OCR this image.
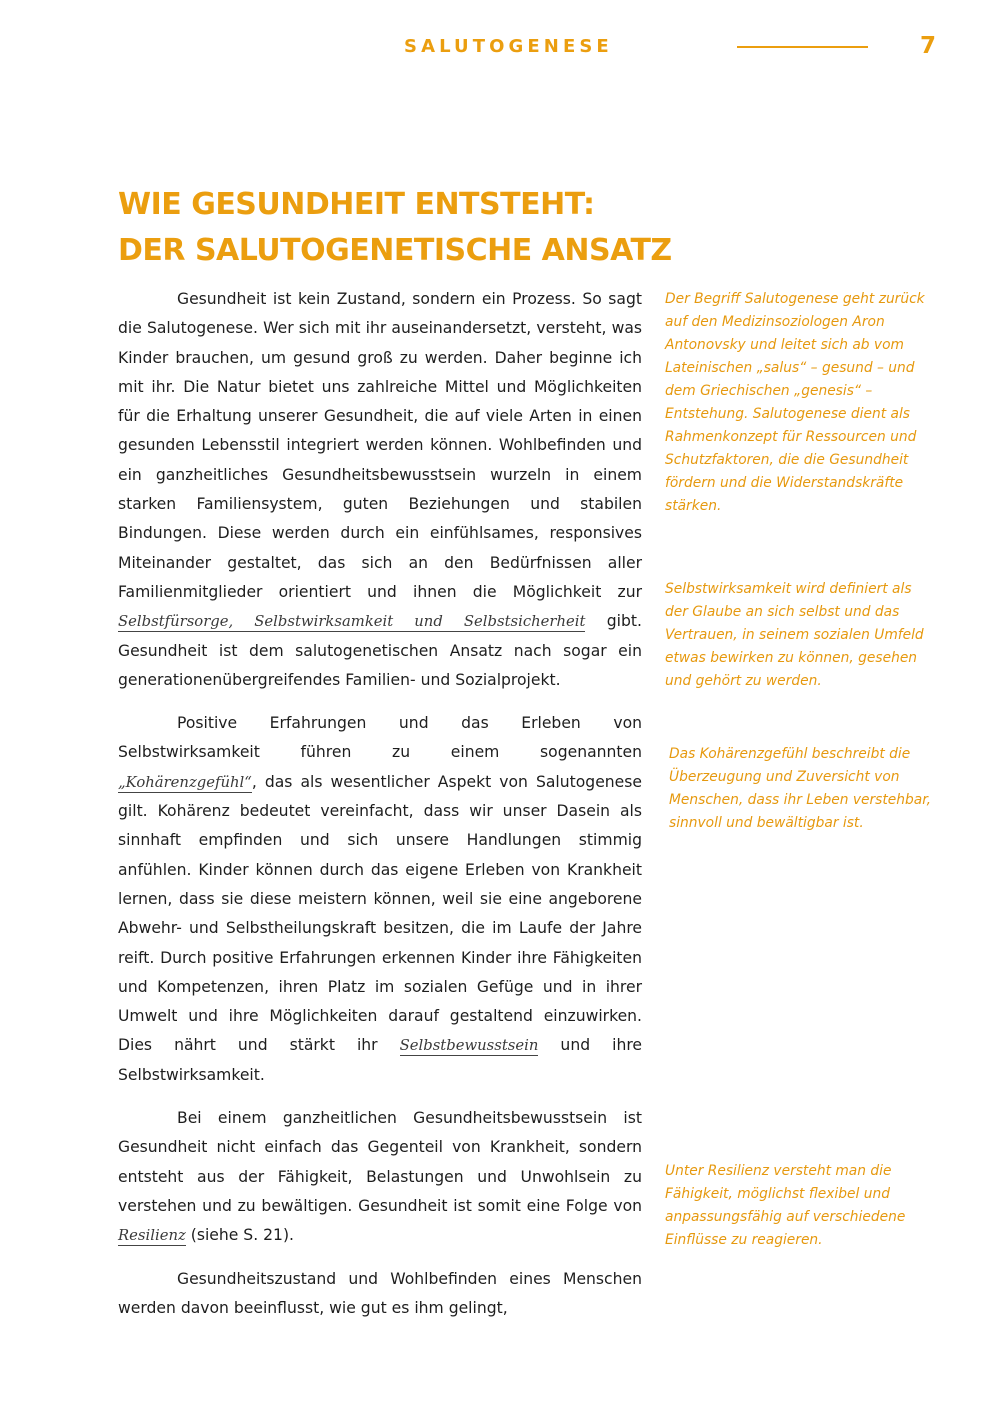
SALUTOGENESE	7
WIE GESUNDHEIT ENTSTEHT:
DER SALUTOGENETISCHE ANSATZ

Gesundheit ist kein Zustand, sondern ein Prozess. So sagt die Salutogenese. Wer sich mit ihr auseinandersetzt, versteht, was Kinder brauchen, um gesund groß zu werden. Daher beginne ich mit ihr. Die Natur bietet uns zahlreiche Mittel und Möglichkeiten für die Erhaltung unserer Gesundheit, die auf viele Arten in einen gesunden Lebensstil integriert werden können. Wohlbefinden und ein ganzheitliches Gesundheitsbewusstsein wurzeln in einem starken Familiensystem, guten Beziehungen und stabilen Bindungen. Diese werden durch ein einfühlsames, responsives Miteinander gestaltet, das sich an den Bedürfnissen aller Familienmitglieder orientiert und ihnen die Möglichkeit zur Selbstfürsorge, Selbstwirksamkeit und Selbstsicherheit gibt. Gesundheit ist dem salutogenetischen Ansatz nach sogar ein generationenübergreifendes Familien- und Sozialprojekt.

Positive Erfahrungen und das Erleben von Selbstwirksamkeit führen zu einem sogenannten „Kohärenzgefühl“, das als wesentlicher Aspekt von Salutogenese gilt. Kohärenz bedeutet vereinfacht, dass wir unser Dasein als sinnhaft empfinden und sich unsere Handlungen stimmig anfühlen. Kinder können durch das eigene Erleben von Krankheit lernen, dass sie diese meistern können, weil sie eine angeborene Abwehr- und Selbstheilungskraft besitzen, die im Laufe der Jahre reift. Durch positive Erfahrungen erkennen Kinder ihre Fähigkeiten und Kompetenzen, ihren Platz im sozialen Gefüge und in ihrer Umwelt und ihre Möglichkeiten darauf gestaltend einzuwirken. Dies nährt und stärkt ihr Selbstbewusstsein und ihre Selbstwirksamkeit.

Bei einem ganzheitlichen Gesundheitsbewusstsein ist Gesundheit nicht einfach das Gegenteil von Krankheit, sondern entsteht aus der Fähigkeit, Belastungen und Unwohlsein zu verstehen und zu bewältigen. Gesundheit ist somit eine Folge von Resilienz (siehe S. 21).

Gesundheitszustand und Wohlbefinden eines Menschen werden davon beeinflusst, wie gut es ihm gelingt,

Der Begriff Salutogenese geht zurück auf den Medizinsoziologen Aron Antonovsky und leitet sich ab vom Lateinischen „salus“ – gesund – und dem Griechischen „genesis“ – Entstehung. Salutogenese dient als Rahmenkonzept für Ressourcen und Schutzfaktoren, die die Gesundheit fördern und die Widerstandskräfte stärken.

Selbstwirksamkeit wird definiert als der Glaube an sich selbst und das Vertrauen, in seinem sozialen Umfeld etwas bewirken zu können, gesehen und gehört zu werden.

Das Kohärenzgefühl beschreibt die Überzeugung und Zuversicht von Menschen, dass ihr Leben verstehbar, sinnvoll und bewältigbar ist.

Unter Resilienz versteht man die Fähigkeit, möglichst flexibel und anpassungsfähig auf verschiedene Einflüsse zu reagieren.
